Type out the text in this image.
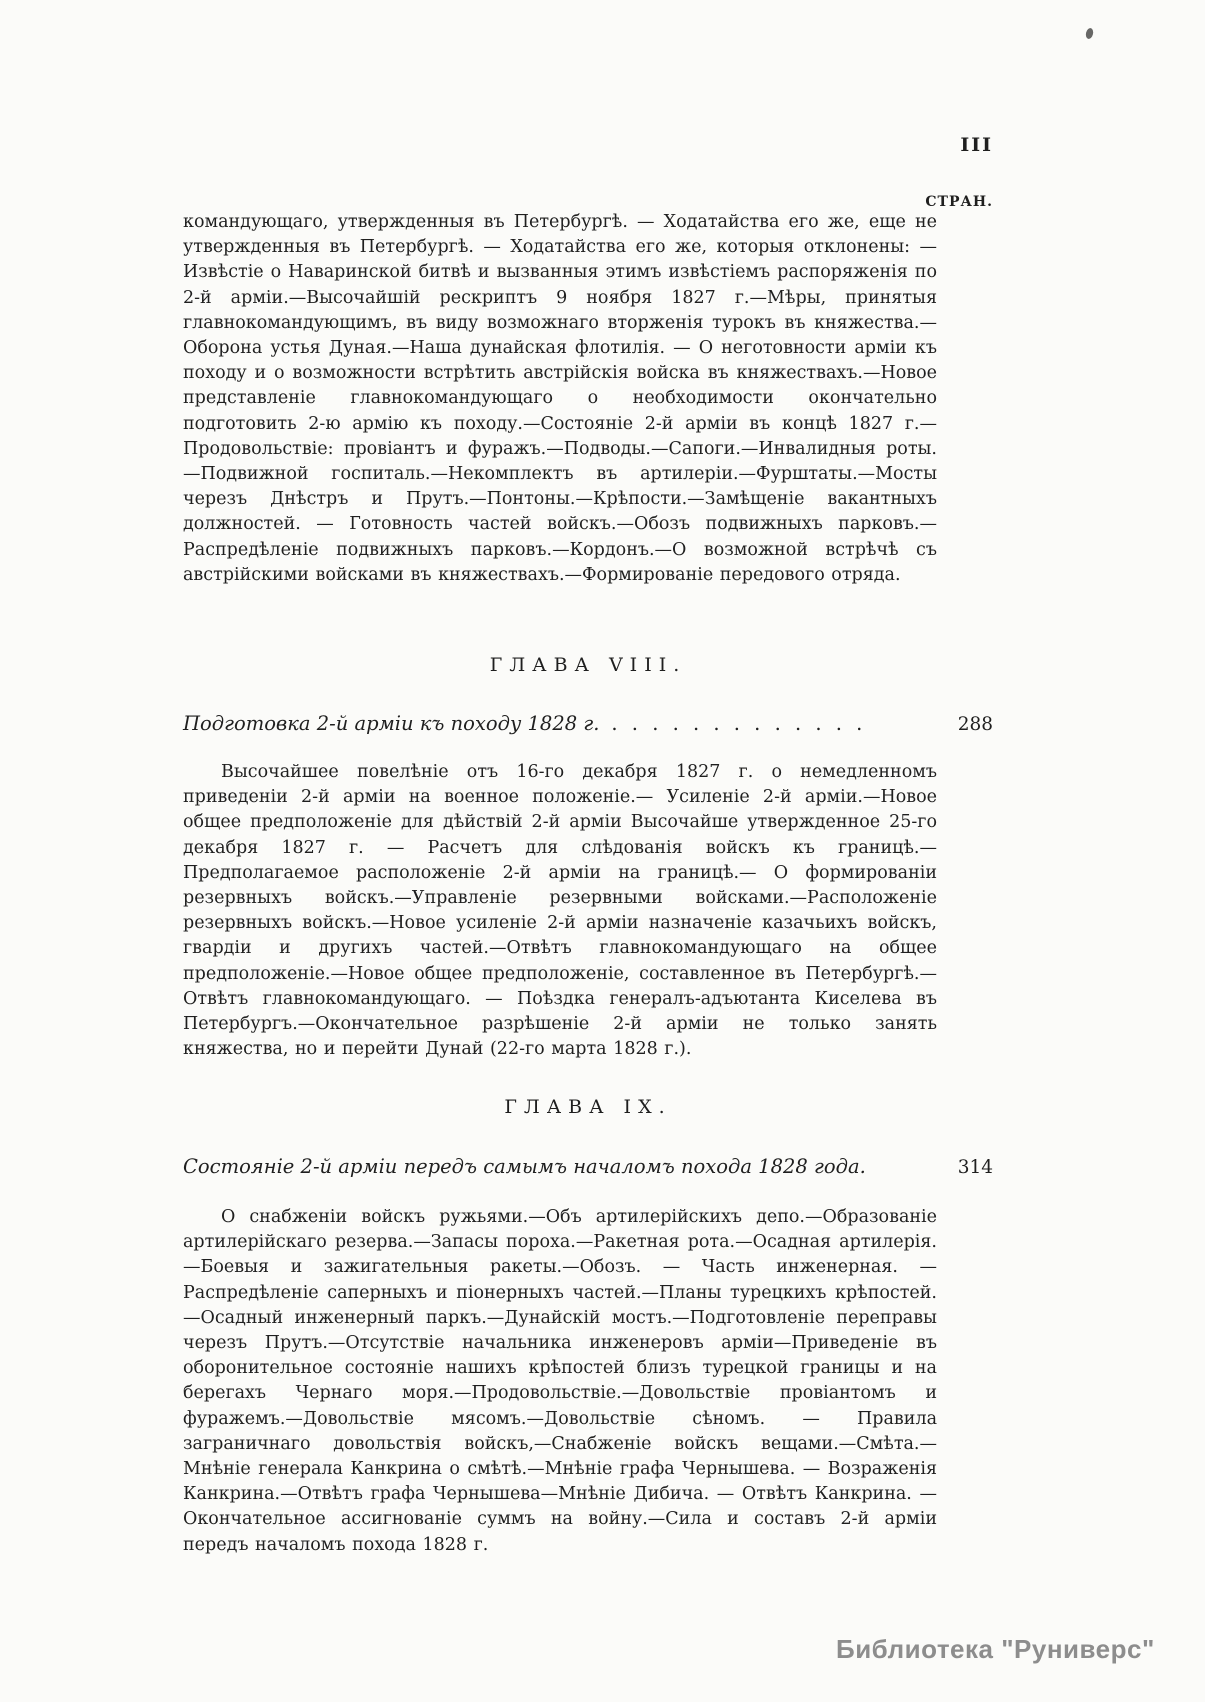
III
СТРАН.
командующаго, утвержденныя въ Петербургѣ. — Ходатайства его же, еще не утвержденныя въ Петербургѣ. — Ходатайства его же, которыя отклонены: — Извѣстіе о Наваринской битвѣ и вызванныя этимъ извѣстіемъ распоряженія по 2-й арміи.—Высочайшій рескриптъ 9 ноября 1827 г.—Мѣры, принятыя главнокомандующимъ, въ виду возможнаго вторженія турокъ въ княжества.—Оборона устья Дуная.—Наша дунайская флотилія. — О неготовности арміи къ походу и о возможности встрѣтить австрійскія войска въ княжествахъ.—Новое представленіе главнокомандующаго о необходимости окончательно подготовить 2-ю армію къ походу.—Состояніе 2-й арміи въ концѣ 1827 г.—Продовольствіе: провіантъ и фуражъ.—Подводы.—Сапоги.—Инвалидныя роты.—Подвижной госпиталь.—Некомплектъ въ артилеріи.—Фурштаты.—Мосты черезъ Днѣстръ и Прутъ.—Понтоны.—Крѣпости.—Замѣщеніе вакантныхъ должностей. — Готовность частей войскъ.—Обозъ подвижныхъ парковъ.—Распредѣленіе подвижныхъ парковъ.—Кордонъ.—О возможной встрѣчѣ съ австрійскими войсками въ княжествахъ.—Формированіе передового отряда.
ГЛАВА VIII.
Подготовка 2-й арміи къ походу 1828 г. . . . . . . . . . . . . .	288
Высочайшее повелѣніе отъ 16-го декабря 1827 г. о немедленномъ приведеніи 2-й арміи на военное положеніе.— Усиленіе 2-й арміи.—Новое общее предположеніе для дѣйствій 2-й арміи Высочайше утвержденное 25-го декабря 1827 г. — Расчетъ для слѣдованія войскъ къ границѣ.—Предполагаемое расположеніе 2-й арміи на границѣ.— О формированіи резервныхъ войскъ.—Управленіе резервными войсками.—Расположеніе резервныхъ войскъ.—Новое усиленіе 2-й арміи назначеніе казачьихъ войскъ, гвардіи и другихъ частей.—Отвѣтъ главнокомандующаго на общее предположеніе.—Новое общее предположеніе, составленное въ Петербургѣ.—Отвѣтъ главнокомандующаго. — Поѣздка генералъ-адъютанта Киселева въ Петербургъ.—Окончательное разрѣшеніе 2-й арміи не только занять княжества, но и перейти Дунай (22-го марта 1828 г.).
ГЛАВА IX.
Состояніе 2-й арміи передъ самымъ началомъ похода 1828 года.	314
О снабженіи войскъ ружьями.—Объ артилерійскихъ депо.—Образованіе артилерійскаго резерва.—Запасы пороха.—Ракетная рота.—Осадная артилерія.—Боевыя и зажигательныя ракеты.—Обозъ. — Часть инженерная. — Распредѣленіе саперныхъ и піонерныхъ частей.—Планы турецкихъ крѣпостей.—Осадный инженерный паркъ.—Дунайскій мостъ.—Подготовленіе переправы черезъ Прутъ.—Отсутствіе начальника инженеровъ арміи—Приведеніе въ оборонительное состояніе нашихъ крѣпостей близъ турецкой границы и на берегахъ Чернаго моря.—Продовольствіе.—Довольствіе провіантомъ и фуражемъ.—Довольствіе мясомъ.—Довольствіе сѣномъ. — Правила заграничнаго довольствія войскъ,—Снабженіе войскъ вещами.—Смѣта.—Мнѣніе генерала Канкрина о смѣтѣ.—Мнѣніе графа Чернышева. — Возраженія Канкрина.—Отвѣтъ графа Чернышева—Мнѣніе Дибича. — Отвѣтъ Канкрина. — Окончательное ассигнованіе суммъ на войну.—Сила и составъ 2-й арміи передъ началомъ похода 1828 г.
Библиотека "Руниверс"
